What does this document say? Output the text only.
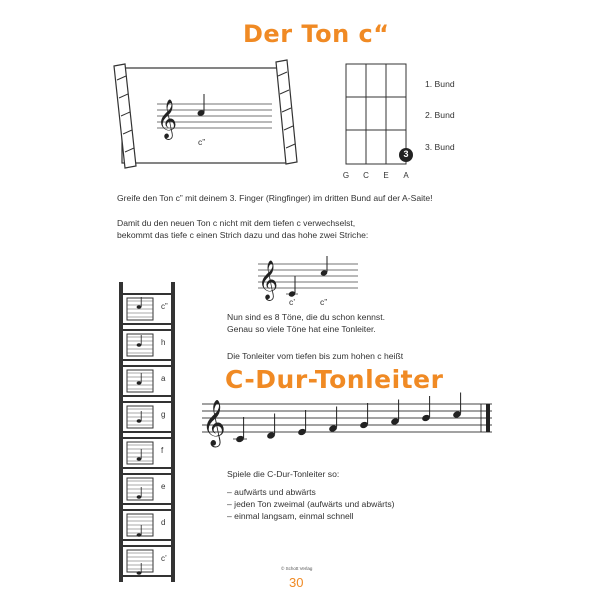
Der Ton c“
𝄞
c”
3
G	C	E	A
1. Bund
2. Bund
3. Bund
Greife den Ton c” mit deinem 3. Finger (Ringfinger) im dritten Bund auf der A-Saite!
Damit du den neuen Ton c nicht mit dem tiefen c verwechselst,
bekommt das tiefe c einen Strich dazu und das hohe zwei Striche:
𝄞
c’	c”
Nun sind es 8 Töne, die du schon kennst.
Genau so viele Töne hat eine Tonleiter.
Die Tonleiter vom tiefen bis zum hohen c heißt
C-Dur-Tonleiter
𝄞
c”
h
a
g
f
e
d
c’
Spiele die C-Dur-Tonleiter so:
– aufwärts und abwärts
– jeden Ton zweimal (aufwärts und abwärts)
– einmal langsam, einmal schnell
© Schott Verlag
30
